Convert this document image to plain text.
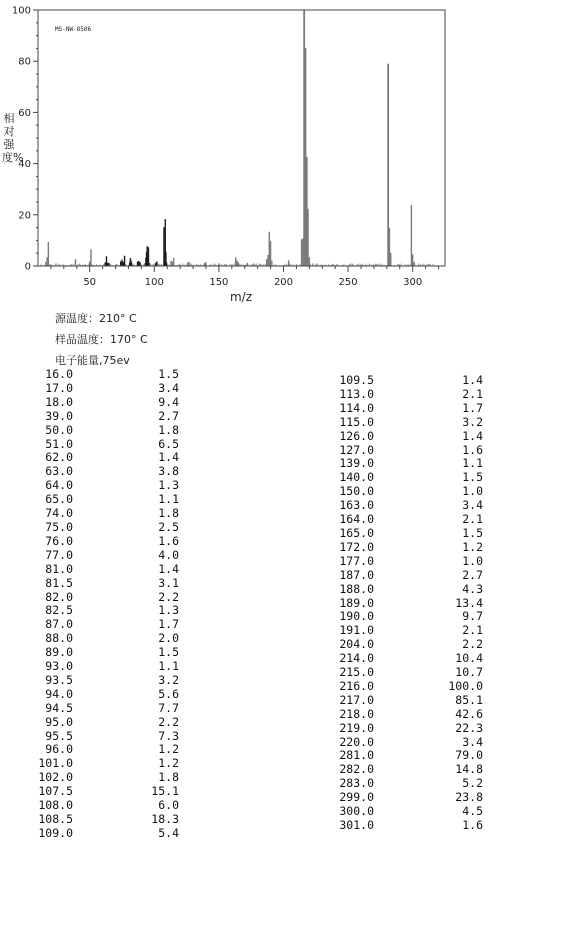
50	100	150	200	250	300
0
20
40
60
80
100
MS-NW-8506
m/z
相对强度%
源温度：210° C
样品温度：170° C
电子能量,75ev
16.0	1.5
17.0	3.4
18.0	9.4
39.0	2.7
50.0	1.8
51.0	6.5
62.0	1.4
63.0	3.8
64.0	1.3
65.0	1.1
74.0	1.8
75.0	2.5
76.0	1.6
77.0	4.0
81.0	1.4
81.5	3.1
82.0	2.2
82.5	1.3
87.0	1.7
88.0	2.0
89.0	1.5
93.0	1.1
93.5	3.2
94.0	5.6
94.5	7.7
95.0	2.2
95.5	7.3
96.0	1.2
101.0	1.2
102.0	1.8
107.5	15.1
108.0	6.0
108.5	18.3
109.0	5.4
109.5	1.4
113.0	2.1
114.0	1.7
115.0	3.2
126.0	1.4
127.0	1.6
139.0	1.1
140.0	1.5
150.0	1.0
163.0	3.4
164.0	2.1
165.0	1.5
172.0	1.2
177.0	1.0
187.0	2.7
188.0	4.3
189.0	13.4
190.0	9.7
191.0	2.1
204.0	2.2
214.0	10.4
215.0	10.7
216.0	100.0
217.0	85.1
218.0	42.6
219.0	22.3
220.0	3.4
281.0	79.0
282.0	14.8
283.0	5.2
299.0	23.8
300.0	4.5
301.0	1.6
